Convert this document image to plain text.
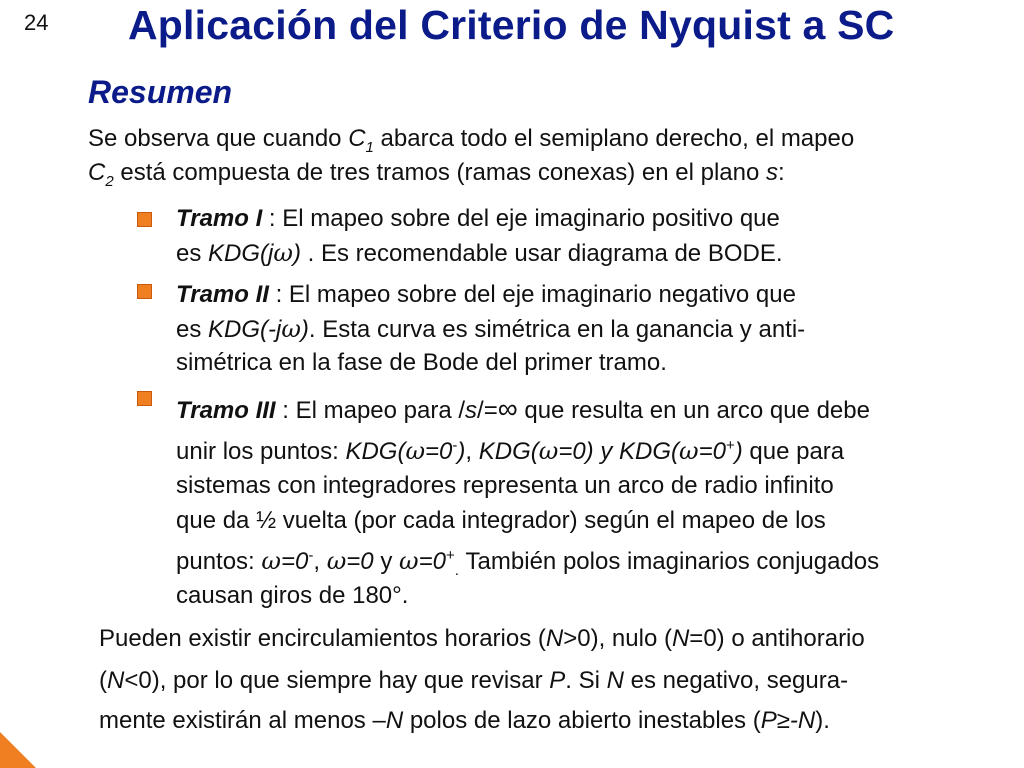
24 Aplicación del Criterio de Nyquist a SC
Resumen
Se observa que cuando $C_1$ abarca todo el semiplano derecho, el mapeo
$C_2$ está compuesta de tres tramos (ramas conexas) en el plano s:
Tramo I : El mapeo sobre del eje imaginario positivo que
es KDG(jω) . Es recomendable usar diagrama de BODE.
Tramo II : El mapeo sobre del eje imaginario negativo que
es KDG(-jω). Esta curva es simétrica en la ganancia y anti-
simétrica en la fase de Bode del primer tramo.
Tramo III : El mapeo para /s/=∞ que resulta en un arco que debe
unir los puntos: KDG(ω=0-), KDG(ω=0) y KDG(ω=0+) que para
sistemas con integradores representa un arco de radio infinito
que da ½ vuelta (por cada integrador) según el mapeo de los
puntos: ω=0-, ω=0 y $\omega=0^+_.$ También polos imaginarios conjugados
causan giros de 180°.
Pueden existir encirculamientos horarios (N>0), nulo (N=0) o antihorario
(N<0), por lo que siempre hay que revisar P. Si N es negativo, segura-
mente existirán al menos –N polos de lazo abierto inestables (P≥-N).
